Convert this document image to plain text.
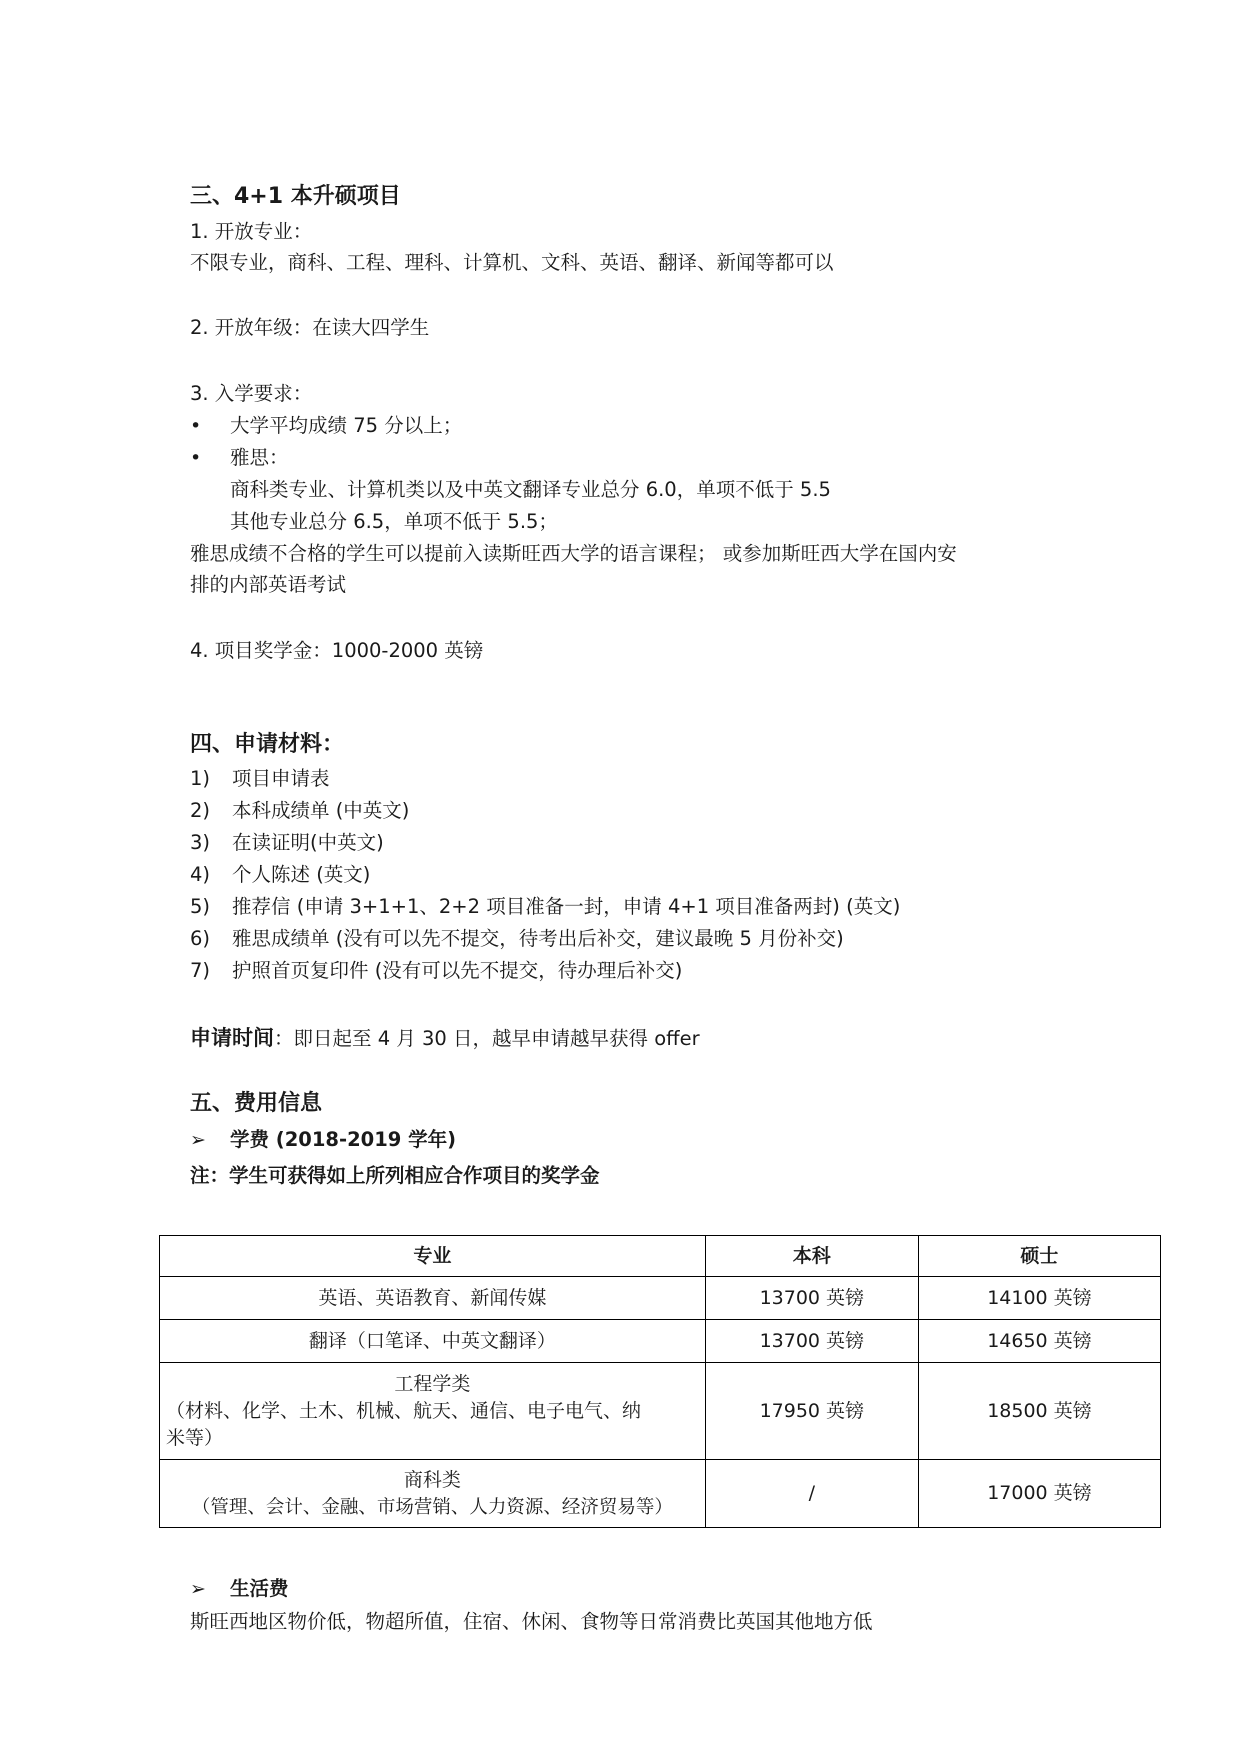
三、4+1 本升硕项目
1. 开放专业：
不限专业，商科、工程、理科、计算机、文科、英语、翻译、新闻等都可以
2. 开放年级：在读大四学生
3. 入学要求：
• 大学平均成绩 75 分以上；
• 雅思：
商科类专业、计算机类以及中英文翻译专业总分 6.0，单项不低于 5.5
其他专业总分 6.5，单项不低于 5.5；
雅思成绩不合格的学生可以提前入读斯旺西大学的语言课程； 或参加斯旺西大学在国内安
排的内部英语考试
4. 项目奖学金：1000-2000 英镑
四、申请材料：
1) 项目申请表
2) 本科成绩单 (中英文)
3) 在读证明(中英文)
4) 个人陈述 (英文)
5) 推荐信 (申请 3+1+1、2+2 项目准备一封，申请 4+1 项目准备两封) (英文)
6) 雅思成绩单 (没有可以先不提交，待考出后补交，建议最晚 5 月份补交)
7) 护照首页复印件 (没有可以先不提交，待办理后补交)
申请时间：即日起至 4 月 30 日，越早申请越早获得 offer
五、费用信息
➢ 学费 (2018-2019 学年)
注：学生可获得如上所列相应合作项目的奖学金
专业	本科	硕士
英语、英语教育、新闻传媒	13700 英镑	14100 英镑
翻译（口笔译、中英文翻译）	13700 英镑	14650 英镑

工程学类
（材料、化学、土木、机械、航天、通信、电子电气、纳
米等）	17950 英镑	18500 英镑

商科类
（管理、会计、金融、市场营销、人力资源、经济贸易等）	/	17000 英镑
➢ 生活费
斯旺西地区物价低，物超所值，住宿、休闲、食物等日常消费比英国其他地方低
